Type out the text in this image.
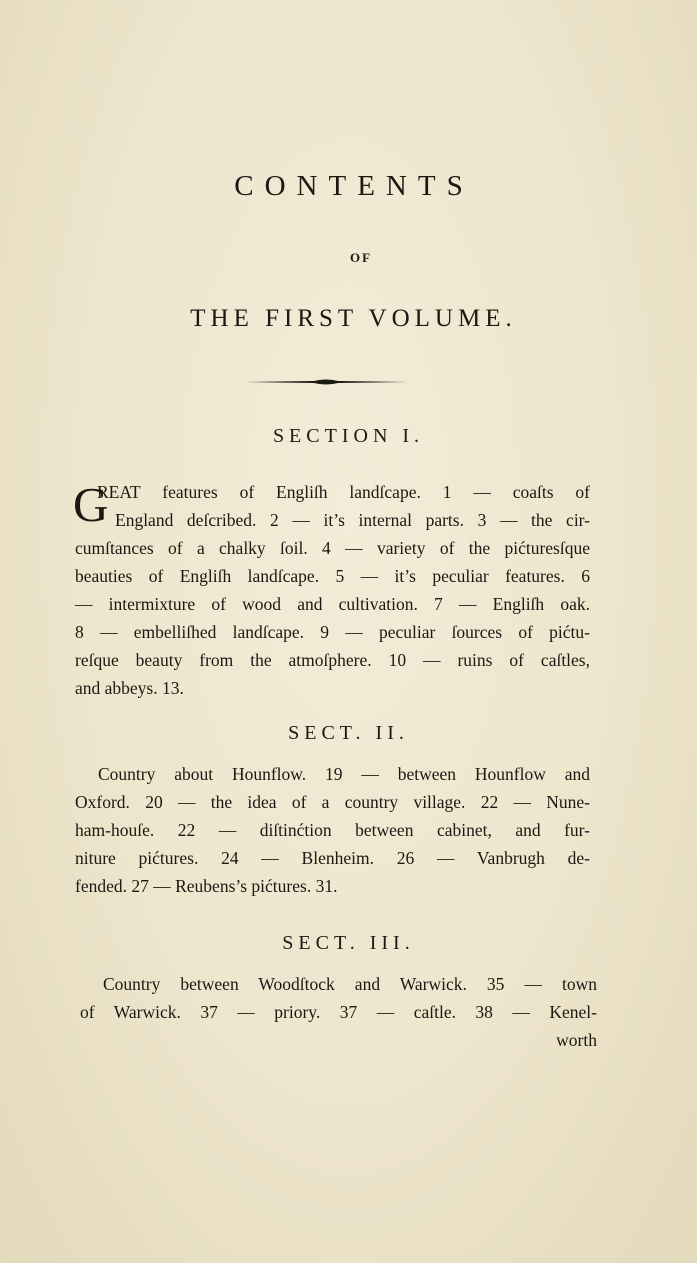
CONTENTS
OF
THE FIRST VOLUME.
SECTION I.
G
REAT features of Engliſh landſcape. 1 — coaſts of
England deſcribed. 2 — it’s internal parts. 3 — the cir-
cumſtances of a chalky ſoil. 4 — variety of the pićturesſque
beauties of Engliſh landſcape. 5 — it’s peculiar features. 6
— intermixture of wood and cultivation. 7 — Engliſh oak.
8 — embelliſhed landſcape. 9 — peculiar ſources of pićtu-
reſque beauty from the atmoſphere. 10 — ruins of caſtles,
and abbeys. 13.
SECT. II.
Country about Hounflow. 19 — between Hounflow and
Oxford. 20 — the idea of a country village. 22 — Nune-
ham-houſe. 22 — diſtinćtion between cabinet, and fur-
niture pićtures. 24 — Blenheim. 26 — Vanbrugh de-
fended. 27 — Reubens’s pićtures. 31.
SECT. III.
Country between Woodſtock and Warwick. 35 — town
of Warwick. 37 — priory. 37 — caſtle. 38 — Kenel-
worth
